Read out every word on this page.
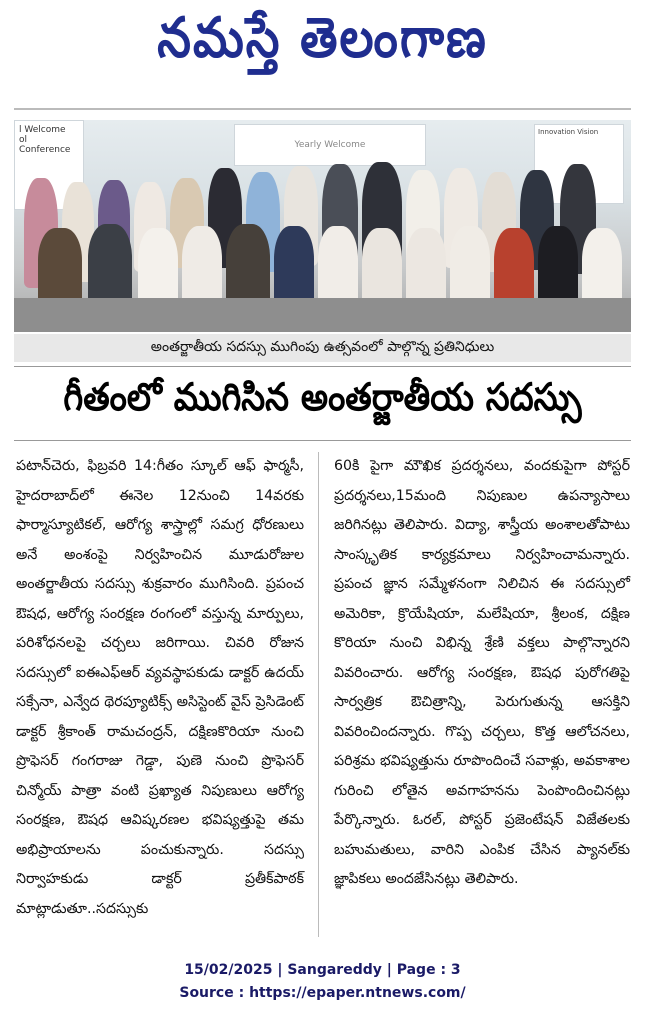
నమస్తే తెలంగాణ
l Welcome
ol Conference	Yearly Welcome
Innovation Vision
అంతర్జాతీయ సదస్సు ముగింపు ఉత్సవంలో పాల్గొన్న ప్రతినిధులు
గీతంలో ముగిసిన అంతర్జాతీయ సదస్సు
పటాన్‌చెరు, ఫిబ్రవరి 14:గీతం స్కూల్ ఆఫ్ ఫార్మసీ, హైదరాబాద్‌లో ఈనెల 12నుంచి 14వరకు ఫార్మాస్యూటికల్, ఆరోగ్య శాస్త్రాల్లో సమగ్ర ధోరణులు అనే అంశంపై నిర్వహించిన మూడురోజుల అంతర్జాతీయ సదస్సు శుక్రవారం ముగిసింది. ప్రపంచ ఔషధ, ఆరోగ్య సంరక్షణ రంగంలో వస్తున్న మార్పులు, పరిశోధనలపై చర్చలు జరిగాయి. చివరి రోజున సదస్సులో ఐఈఎఫ్ఆర్ వ్యవస్థాపకుడు డాక్టర్ ఉదయ్ సక్సేనా, ఎన్వేద థెరప్యూటిక్స్ అసిస్టెంట్ వైస్ ప్రెసిడెంట్ డాక్టర్ శ్రీకాంత్ రామచంద్రన్, దక్షిణకొరియా నుంచి ప్రొఫెసర్ గంగరాజు గెడ్డా, పుణె నుంచి ప్రొఫెసర్ చిన్మోయ్ పాత్రా వంటి ప్రఖ్యాత నిపుణులు ఆరోగ్య సంరక్షణ, ఔషధ ఆవిష్కరణల భవిష్యత్తుపై తమ అభిప్రాయాలను పంచుకున్నారు. సదస్సు నిర్వాహకుడు డాక్టర్ ప్రతీక్‌పాఠక్ మాట్లాడుతూ..సదస్సుకు
60కి పైగా మౌఖిక ప్రదర్శనలు, వందకుపైగా పోస్టర్ ప్రదర్శనలు,15మంది నిపుణుల ఉపన్యాసాలు జరిగినట్లు తెలిపారు. విద్యా, శాస్త్రీయ అంశాలతోపాటు సాంస్కృతిక కార్యక్రమాలు నిర్వహించామన్నారు. ప్రపంచ జ్ఞాన సమ్మేళనంగా నిలిచిన ఈ సదస్సులో అమెరికా, క్రొయేషియా, మలేషియా, శ్రీలంక, దక్షిణ కొరియా నుంచి విభిన్న శ్రేణి వక్తలు పాల్గొన్నారని వివరించారు. ఆరోగ్య సంరక్షణ, ఔషధ పురోగతిపై సార్వత్రిక ఔచిత్రాన్ని, పెరుగుతున్న ఆసక్తిని వివరించిందన్నారు. గొప్ప చర్చలు, కొత్త ఆలోచనలు, పరిశ్రమ భవిష్యత్తును రూపొందించే సవాళ్లు, అవకాశాల గురించి లోతైన అవగాహనను పెంపొందించినట్లు పేర్కొన్నారు. ఓరల్, పోస్టర్ ప్రజెంటేషన్ విజేతలకు బహుమతులు, వారిని ఎంపిక చేసిన ప్యానల్‌కు జ్ఞాపికలు అందజేసినట్లు తెలిపారు.
15/02/2025 | Sangareddy | Page : 3
Source : https://epaper.ntnews.com/
